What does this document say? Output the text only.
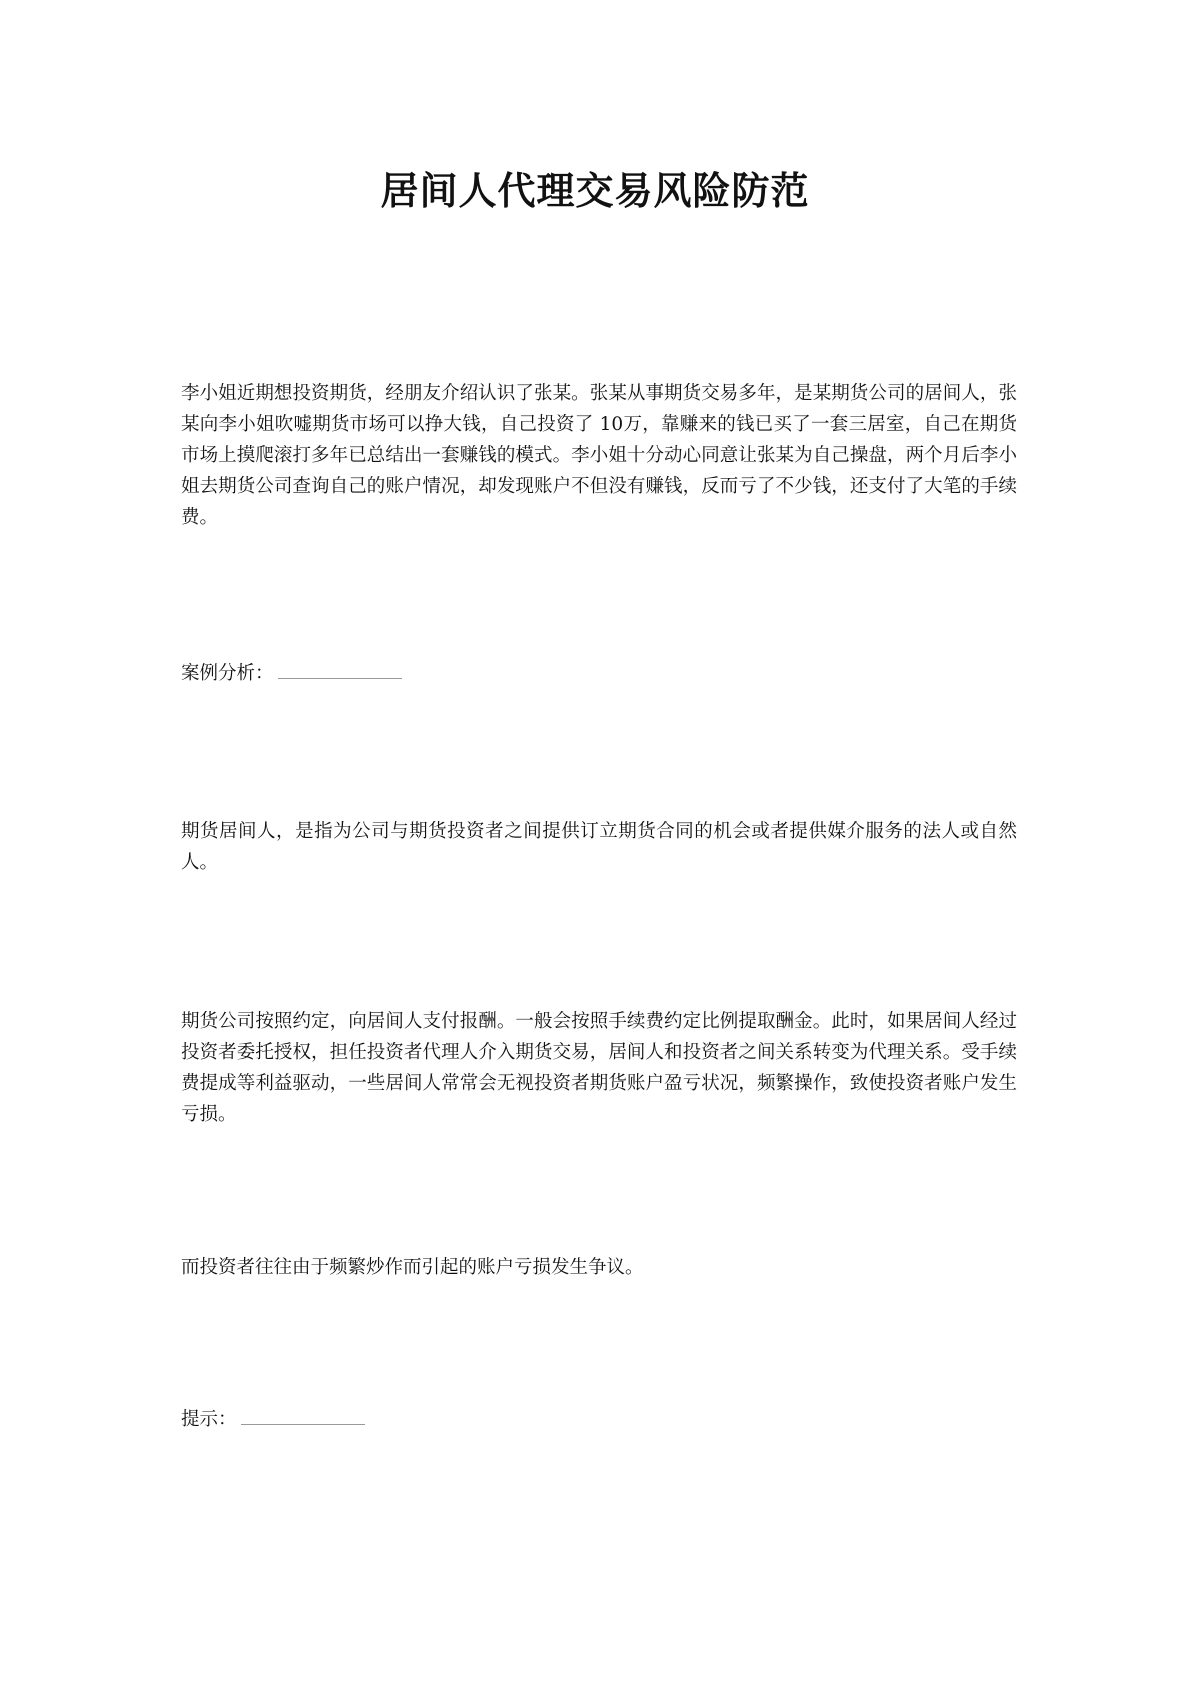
居间人代理交易风险防范

李小姐近期想投资期货，经朋友介绍认识了张某。张某从事期货交易多年，是某期货公司的居间人，张某向李小姐吹嘘期货市场可以挣大钱，自己投资了 10万，靠赚来的钱已买了一套三居室，自己在期货市场上摸爬滚打多年已总结出一套赚钱的模式。李小姐十分动心同意让张某为自己操盘，两个月后李小姐去期货公司查询自己的账户情况，却发现账户不但没有赚钱，反而亏了不少钱，还支付了大笔的手续费。

案例分析：

期货居间人，是指为公司与期货投资者之间提供订立期货合同的机会或者提供媒介服务的法人或自然人。

期货公司按照约定，向居间人支付报酬。一般会按照手续费约定比例提取酬金。此时，如果居间人经过投资者委托授权，担任投资者代理人介入期货交易，居间人和投资者之间关系转变为代理关系。受手续费提成等利益驱动，一些居间人常常会无视投资者期货账户盈亏状况，频繁操作，致使投资者账户发生亏损。

而投资者往往由于频繁炒作而引起的账户亏损发生争议。

提示：
